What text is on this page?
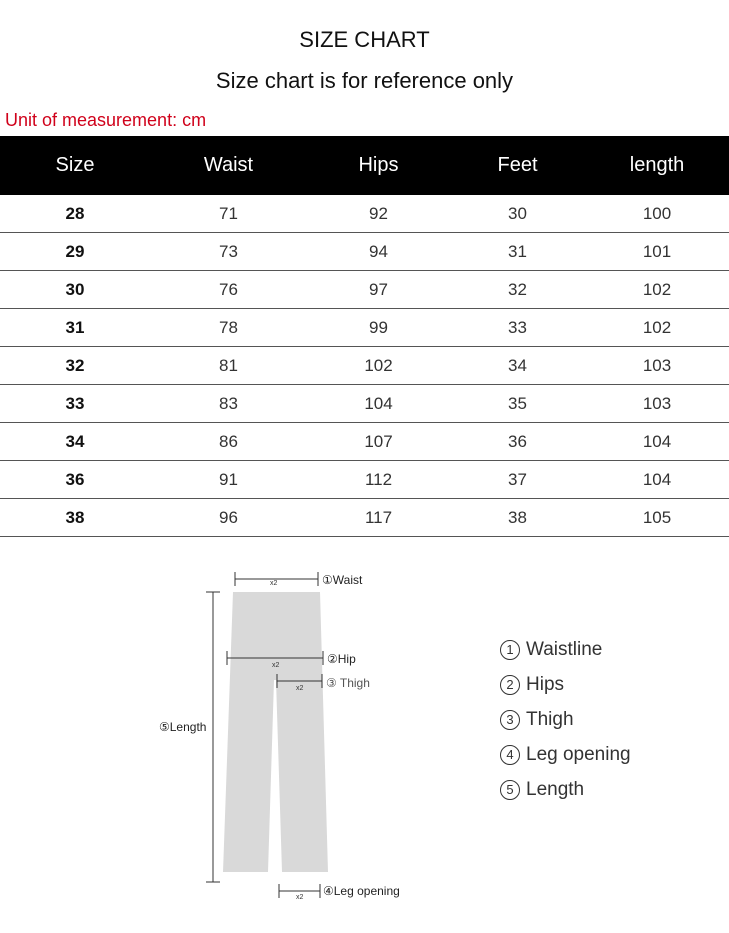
SIZE CHART
Size chart is for reference only
Unit of measurement: cm
Size	Waist	Hips	Feet	length
28	71	92	30	100
29	73	94	31	101
30	76	97	32	102
31	78	99	33	102
32	81	102	34	103
33	83	104	35	103
34	86	107	36	104
36	91	112	37	104
38	96	117	38	105
x2	①Waist
x2	②Hip
x2 ③ Thigh
⑤Length
x2 ④Leg opening
1 Waistline
2 Hips
3 Thigh
4 Leg opening
5 Length
